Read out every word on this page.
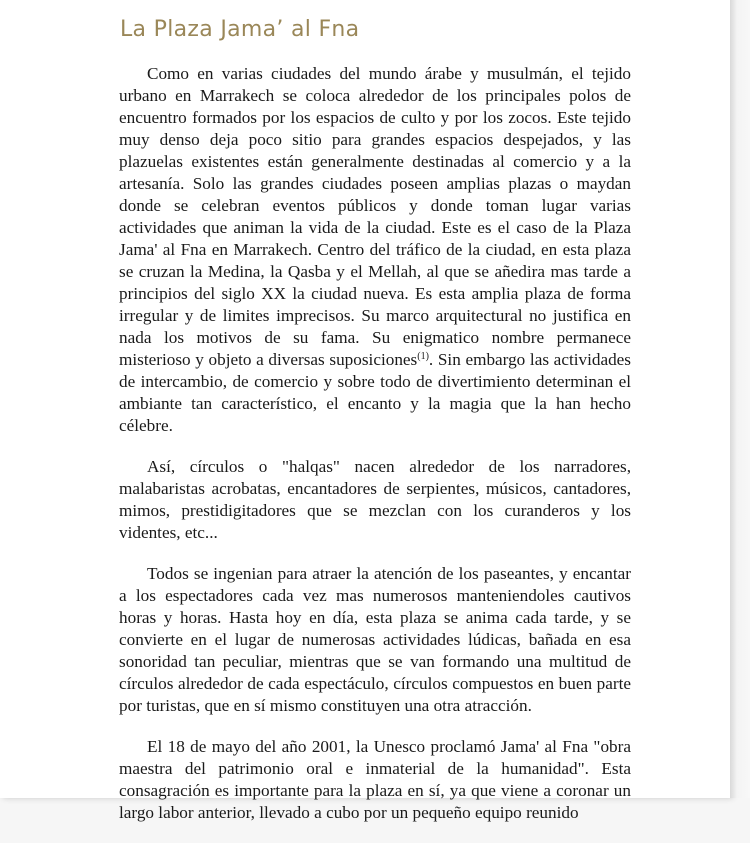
La Plaza Jama’ al Fna

Como en varias ciudades del mundo árabe y musulmán, el tejido urbano en Marrakech se coloca alrededor de los principales polos de encuentro formados por los espacios de culto y por los zocos. Este tejido muy denso deja poco sitio para grandes espacios despejados, y las plazuelas existentes están generalmente destinadas al comercio y a la artesanía. Solo las grandes ciudades poseen amplias plazas o maydan donde se celebran eventos públicos y donde toman lugar varias actividades que animan la vida de la ciudad. Este es el caso de la Plaza Jama' al Fna en Marrakech. Centro del tráfico de la ciudad, en esta plaza se cruzan la Medina, la Qasba y el Mellah, al que se añedira mas tarde a principios del siglo XX la ciudad nueva. Es esta amplia plaza de forma irregular y de limites imprecisos. Su marco arquitectural no justifica en nada los motivos de su fama. Su enigmatico nombre permanece misterioso y objeto a diversas suposiciones$^{(1)}$. Sin embargo las actividades de intercambio, de comercio y sobre todo de divertimiento determinan el ambiante tan característico, el encanto y la magia que la han hecho célebre.

Así, círculos o "halqas" nacen alrededor de los narradores, malabaristas acrobatas, encantadores de serpientes, músicos, cantadores, mimos, prestidigitadores que se mezclan con los curanderos y los videntes, etc...

Todos se ingenian para atraer la atención de los paseantes, y encantar a los espectadores cada vez mas numerosos manteniendoles cautivos horas y horas. Hasta hoy en día, esta plaza se anima cada tarde, y se convierte en el lugar de numerosas actividades lúdicas, bañada en esa sonoridad tan peculiar, mientras que se van formando una multitud de círculos alrededor de cada espectáculo, círculos compuestos en buen parte por turistas, que en sí mismo constituyen una otra atracción.

El 18 de mayo del año 2001, la Unesco proclamó Jama' al Fna "obra maestra del patrimonio oral e inmaterial de la humanidad". Esta consagración es importante para la plaza en sí, ya que viene a coronar un largo labor anterior, llevado a cubo por un pequeño equipo reunido
